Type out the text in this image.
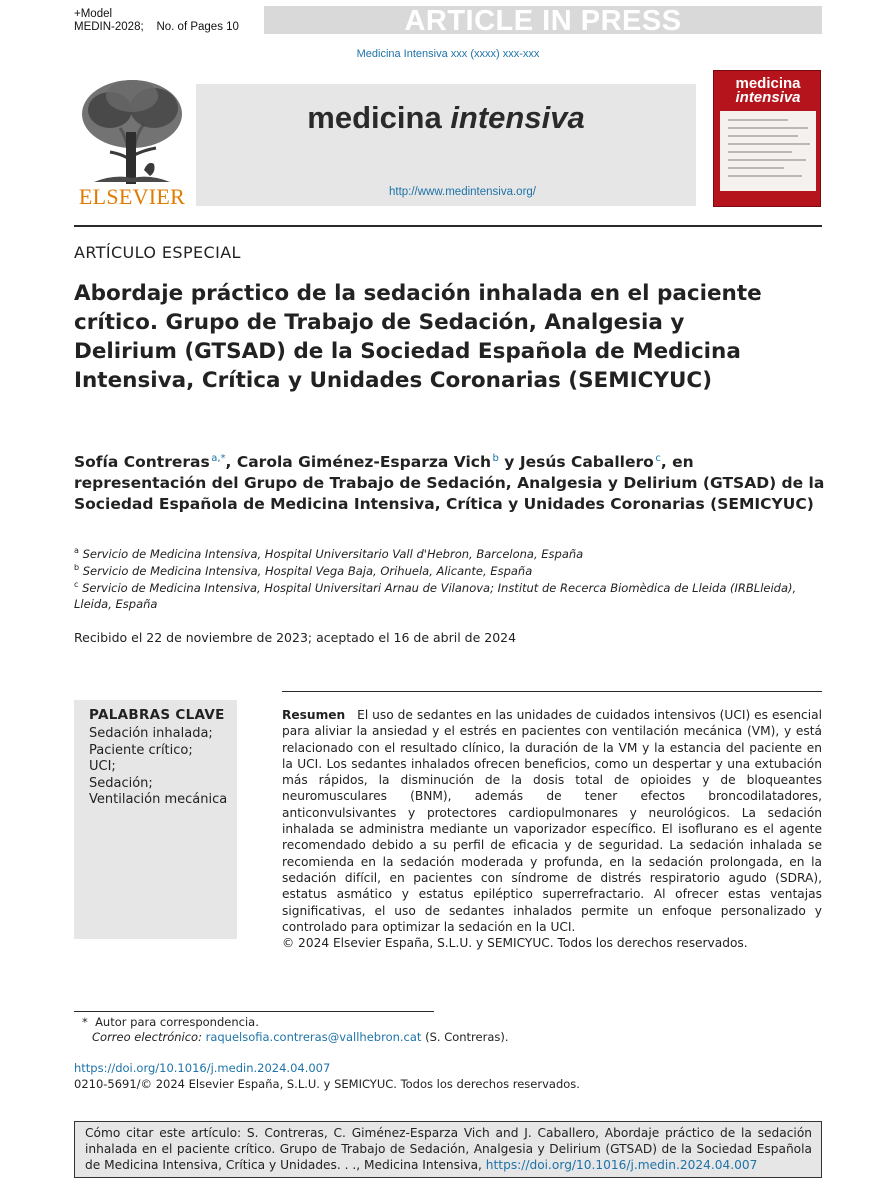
+Model
MEDIN-2028; No. of Pages 10	ARTICLE IN PRESS
Medicina Intensiva xxx (xxxx) xxx-xxx
ELSEVIER
medicina intensiva
http://www.medintensiva.org/
medicina
intensiva
ARTÍCULO ESPECIAL
Abordaje práctico de la sedación inhalada en el paciente crítico. Grupo de Trabajo de Sedación, Analgesia y Delirium (GTSAD) de la Sociedad Española de Medicina Intensiva, Crítica y Unidades Coronarias (SEMICYUC)
Sofía Contreras  $^{a,*}$, Carola Giménez-Esparza Vich  $^b$ y Jesús Caballero  $^c$, en representación del Grupo de Trabajo de Sedación, Analgesia y Delirium (GTSAD) de la Sociedad Española de Medicina Intensiva, Crítica y Unidades Coronarias (SEMICYUC)
$^a$ Servicio de Medicina Intensiva, Hospital Universitario Vall d'Hebron, Barcelona, España
$^b$ Servicio de Medicina Intensiva, Hospital Vega Baja, Orihuela, Alicante, España
$^c$ Servicio de Medicina Intensiva, Hospital Universitari Arnau de Vilanova; Institut de Recerca Biomèdica de Lleida (IRBLleida), Lleida, España
Recibido el 22 de noviembre de 2023; aceptado el 16 de abril de 2024
PALABRAS CLAVE
Sedación inhalada;
Paciente crítico;
UCI;
Sedación;
Ventilación mecánica

Resumen El uso de sedantes en las unidades de cuidados intensivos (UCI) es esencial para aliviar la ansiedad y el estrés en pacientes con ventilación mecánica (VM), y está relacionado con el resultado clínico, la duración de la VM y la estancia del paciente en la UCI. Los sedantes inhalados ofrecen beneficios, como un despertar y una extubación más rápidos, la disminución de la dosis total de opioides y de bloqueantes neuromusculares (BNM), además de tener efectos broncodilatadores, anticonvulsivantes y protectores cardiopulmonares y neurológicos. La sedación inhalada se administra mediante un vaporizador específico. El isoflurano es el agente recomendado debido a su perfil de eficacia y de seguridad. La sedación inhalada se recomienda en la sedación moderada y profunda, en la sedación prolongada, en la sedación difícil, en pacientes con síndrome de distrés respiratorio agudo (SDRA), estatus asmático y estatus epiléptico superrefractario. Al ofrecer estas ventajas significativas, el uso de sedantes inhalados permite un enfoque personalizado y controlado para optimizar la sedación en la UCI.

© 2024 Elsevier España, S.L.U. y SEMICYUC. Todos los derechos reservados.

* Autor para correspondencia.
Correo electrónico: raquelsofia.contreras@vallhebron.cat (S. Contreras).
https://doi.org/10.1016/j.medin.2024.04.007
0210-5691/© 2024 Elsevier España, S.L.U. y SEMICYUC. Todos los derechos reservados.
Cómo citar este artículo: S. Contreras, C. Giménez-Esparza Vich and J. Caballero, Abordaje práctico de la sedación inhalada en el paciente crítico. Grupo de Trabajo de Sedación, Analgesia y Delirium (GTSAD) de la Sociedad Española de Medicina Intensiva, Crítica y Unidades. . ., Medicina Intensiva, https://doi.org/10.1016/j.medin.2024.04.007
